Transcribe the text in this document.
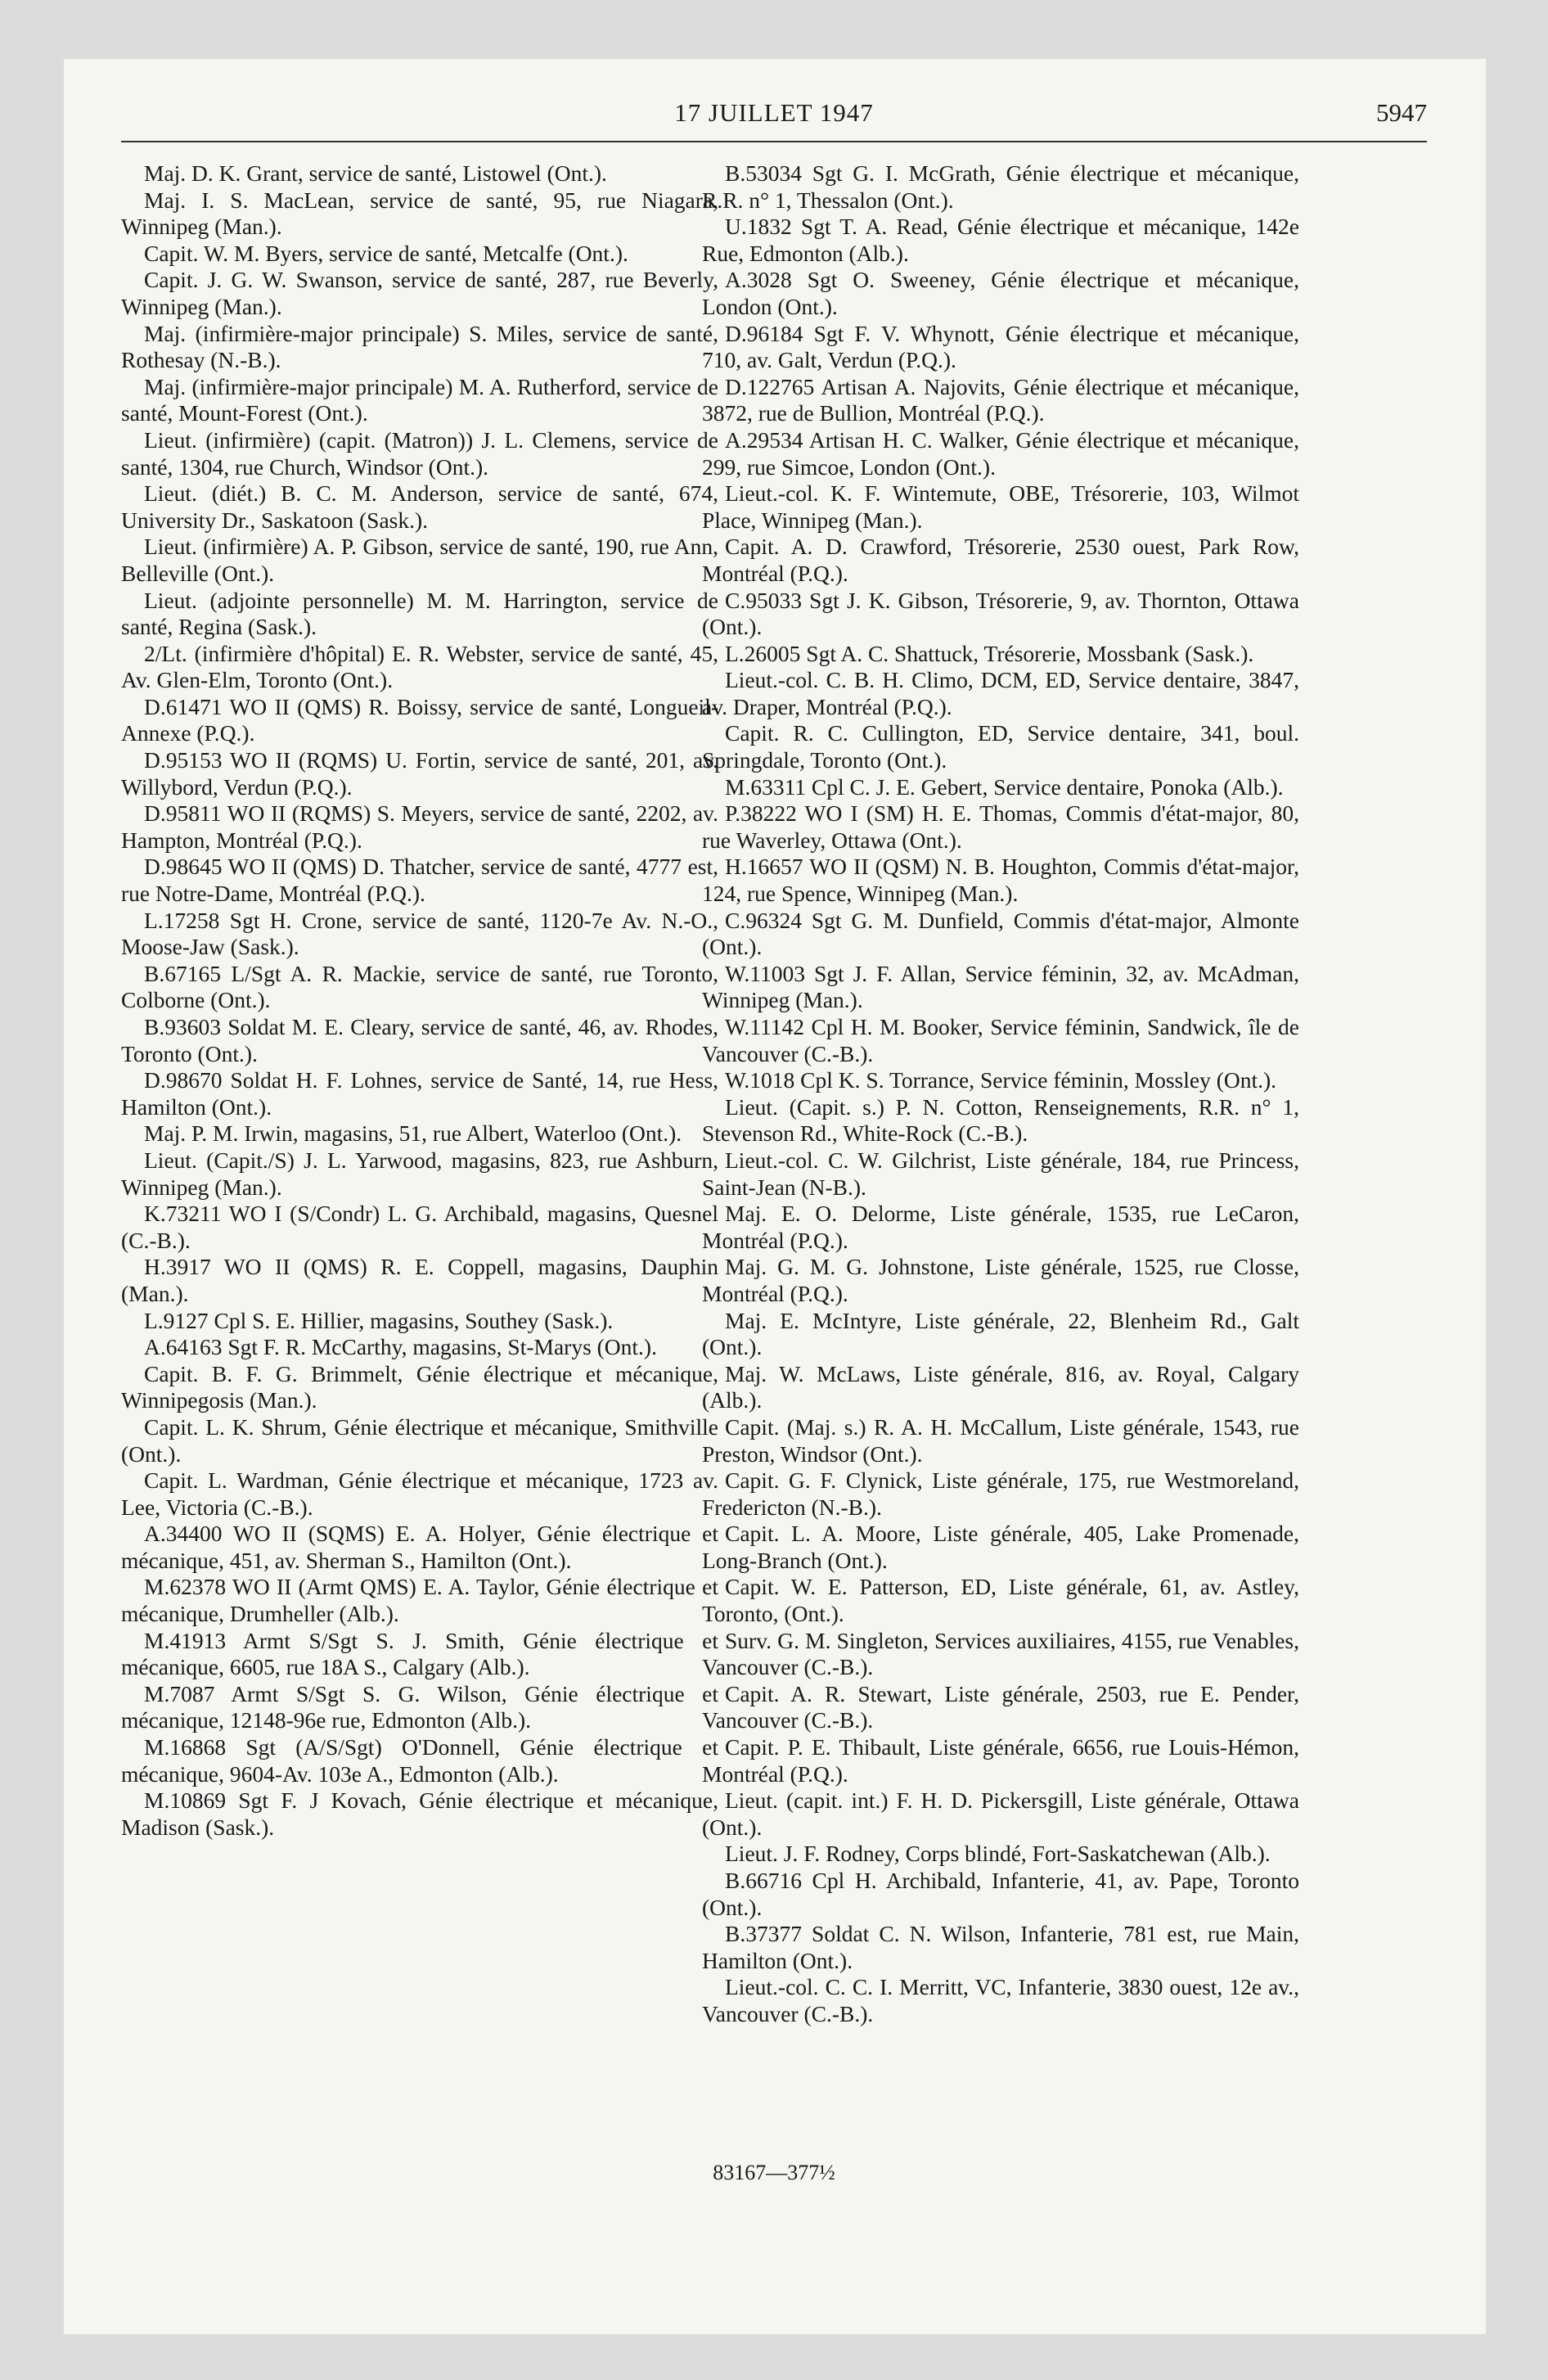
17 JUILLET 1947	5947

Maj. D. K. Grant, service de santé, Listowel (Ont.).

Maj. I. S. MacLean, service de santé, 95, rue Niagara, Winnipeg (Man.).

Capit. W. M. Byers, service de santé, Metcalfe (Ont.).

Capit. J. G. W. Swanson, service de santé, 287, rue Beverly, Winnipeg (Man.).

Maj. (infirmière-major principale) S. Miles, service de santé, Rothesay (N.-B.).

Maj. (infirmière-major principale) M. A. Rutherford, service de santé, Mount-Forest (Ont.).

Lieut. (infirmière) (capit. (Matron)) J. L. Clemens, service de santé, 1304, rue Church, Windsor (Ont.).

Lieut. (diét.) B. C. M. Anderson, service de santé, 674, University Dr., Saskatoon (Sask.).

Lieut. (infirmière) A. P. Gibson, service de santé, 190, rue Ann, Belleville (Ont.).

Lieut. (adjointe personnelle) M. M. Harrington, service de santé, Regina (Sask.).

2/Lt. (infirmière d'hôpital) E. R. Webster, service de santé, 45, Av. Glen-Elm, Toronto (Ont.).

D.61471 WO II (QMS) R. Boissy, service de santé, Longueil-Annexe (P.Q.).

D.95153 WO II (RQMS) U. Fortin, service de santé, 201, av. Willybord, Verdun (P.Q.).

D.95811 WO II (RQMS) S. Meyers, service de santé, 2202, av. Hampton, Montréal (P.Q.).

D.98645 WO II (QMS) D. Thatcher, service de santé, 4777 est, rue Notre-Dame, Montréal (P.Q.).

L.17258 Sgt H. Crone, service de santé, 1120-7e Av. N.-O., Moose-Jaw (Sask.).

B.67165 L/Sgt A. R. Mackie, service de santé, rue Toronto, Colborne (Ont.).

B.93603 Soldat M. E. Cleary, service de santé, 46, av. Rhodes, Toronto (Ont.).

D.98670 Soldat H. F. Lohnes, service de Santé, 14, rue Hess, Hamilton (Ont.).

Maj. P. M. Irwin, magasins, 51, rue Albert, Waterloo (Ont.).

Lieut. (Capit./S) J. L. Yarwood, magasins, 823, rue Ashburn, Winnipeg (Man.).

K.73211 WO I (S/Condr) L. G. Archibald, magasins, Quesnel (C.-B.).

H.3917 WO II (QMS) R. E. Coppell, magasins, Dauphin (Man.).

L.9127 Cpl S. E. Hillier, magasins, Southey (Sask.).

A.64163 Sgt F. R. McCarthy, magasins, St-Marys (Ont.).

Capit. B. F. G. Brimmelt, Génie électrique et mécanique, Winnipegosis (Man.).

Capit. L. K. Shrum, Génie électrique et mécanique, Smithville (Ont.).

Capit. L. Wardman, Génie électrique et mécanique, 1723 av. Lee, Victoria (C.-B.).

A.34400 WO II (SQMS) E. A. Holyer, Génie électrique et mécanique, 451, av. Sherman S., Hamilton (Ont.).

M.62378 WO II (Armt QMS) E. A. Taylor, Génie électrique et mécanique, Drumheller (Alb.).

M.41913 Armt S/Sgt S. J. Smith, Génie électrique et mécanique, 6605, rue 18A S., Calgary (Alb.).

M.7087 Armt S/Sgt S. G. Wilson, Génie électrique et mécanique, 12148-96e rue, Edmonton (Alb.).

M.16868 Sgt (A/S/Sgt) O'Donnell, Génie électrique et mécanique, 9604-Av. 103e A., Edmonton (Alb.).

M.10869 Sgt F. J Kovach, Génie électrique et mécanique, Madison (Sask.).

B.53034 Sgt G. I. McGrath, Génie électrique et mécanique, R.R. n° 1, Thessalon (Ont.).

U.1832 Sgt T. A. Read, Génie électrique et mécanique, 142e Rue, Edmonton (Alb.).

A.3028 Sgt O. Sweeney, Génie électrique et mécanique, London (Ont.).

D.96184 Sgt F. V. Whynott, Génie électrique et mécanique, 710, av. Galt, Verdun (P.Q.).

D.122765 Artisan A. Najovits, Génie électrique et mécanique, 3872, rue de Bullion, Montréal (P.Q.).

A.29534 Artisan H. C. Walker, Génie électrique et mécanique, 299, rue Simcoe, London (Ont.).

Lieut.-col. K. F. Wintemute, OBE, Trésorerie, 103, Wilmot Place, Winnipeg (Man.).

Capit. A. D. Crawford, Trésorerie, 2530 ouest, Park Row, Montréal (P.Q.).

C.95033 Sgt J. K. Gibson, Trésorerie, 9, av. Thornton, Ottawa (Ont.).

L.26005 Sgt A. C. Shattuck, Trésorerie, Mossbank (Sask.).

Lieut.-col. C. B. H. Climo, DCM, ED, Service dentaire, 3847, av. Draper, Montréal (P.Q.).

Capit. R. C. Cullington, ED, Service dentaire, 341, boul. Springdale, Toronto (Ont.).

M.63311 Cpl C. J. E. Gebert, Service dentaire, Ponoka (Alb.).

P.38222 WO I (SM) H. E. Thomas, Commis d'état-major, 80, rue Waverley, Ottawa (Ont.).

H.16657 WO II (QSM) N. B. Houghton, Commis d'état-major, 124, rue Spence, Winnipeg (Man.).

C.96324 Sgt G. M. Dunfield, Commis d'état-major, Almonte (Ont.).

W.11003 Sgt J. F. Allan, Service féminin, 32, av. McAdman, Winnipeg (Man.).

W.11142 Cpl H. M. Booker, Service féminin, Sandwick, île de Vancouver (C.-B.).

W.1018 Cpl K. S. Torrance, Service féminin, Mossley (Ont.).

Lieut. (Capit. s.) P. N. Cotton, Renseignements, R.R. n° 1, Stevenson Rd., White-Rock (C.-B.).

Lieut.-col. C. W. Gilchrist, Liste générale, 184, rue Princess, Saint-Jean (N-B.).

Maj. E. O. Delorme, Liste générale, 1535, rue LeCaron, Montréal (P.Q.).

Maj. G. M. G. Johnstone, Liste générale, 1525, rue Closse, Montréal (P.Q.).

Maj. E. McIntyre, Liste générale, 22, Blenheim Rd., Galt (Ont.).

Maj. W. McLaws, Liste générale, 816, av. Royal, Calgary (Alb.).

Capit. (Maj. s.) R. A. H. McCallum, Liste générale, 1543, rue Preston, Windsor (Ont.).

Capit. G. F. Clynick, Liste générale, 175, rue Westmoreland, Fredericton (N.-B.).

Capit. L. A. Moore, Liste générale, 405, Lake Promenade, Long-Branch (Ont.).

Capit. W. E. Patterson, ED, Liste générale, 61, av. Astley, Toronto, (Ont.).

Surv. G. M. Singleton, Services auxiliaires, 4155, rue Venables, Vancouver (C.-B.).

Capit. A. R. Stewart, Liste générale, 2503, rue E. Pender, Vancouver (C.-B.).

Capit. P. E. Thibault, Liste générale, 6656, rue Louis-Hémon, Montréal (P.Q.).

Lieut. (capit. int.) F. H. D. Pickersgill, Liste générale, Ottawa (Ont.).

Lieut. J. F. Rodney, Corps blindé, Fort-Saskatchewan (Alb.).

B.66716 Cpl H. Archibald, Infanterie, 41, av. Pape, Toronto (Ont.).

B.37377 Soldat C. N. Wilson, Infanterie, 781 est, rue Main, Hamilton (Ont.).

Lieut.-col. C. C. I. Merritt, VC, Infanterie, 3830 ouest, 12e av., Vancouver (C.-B.).

83167—377½
